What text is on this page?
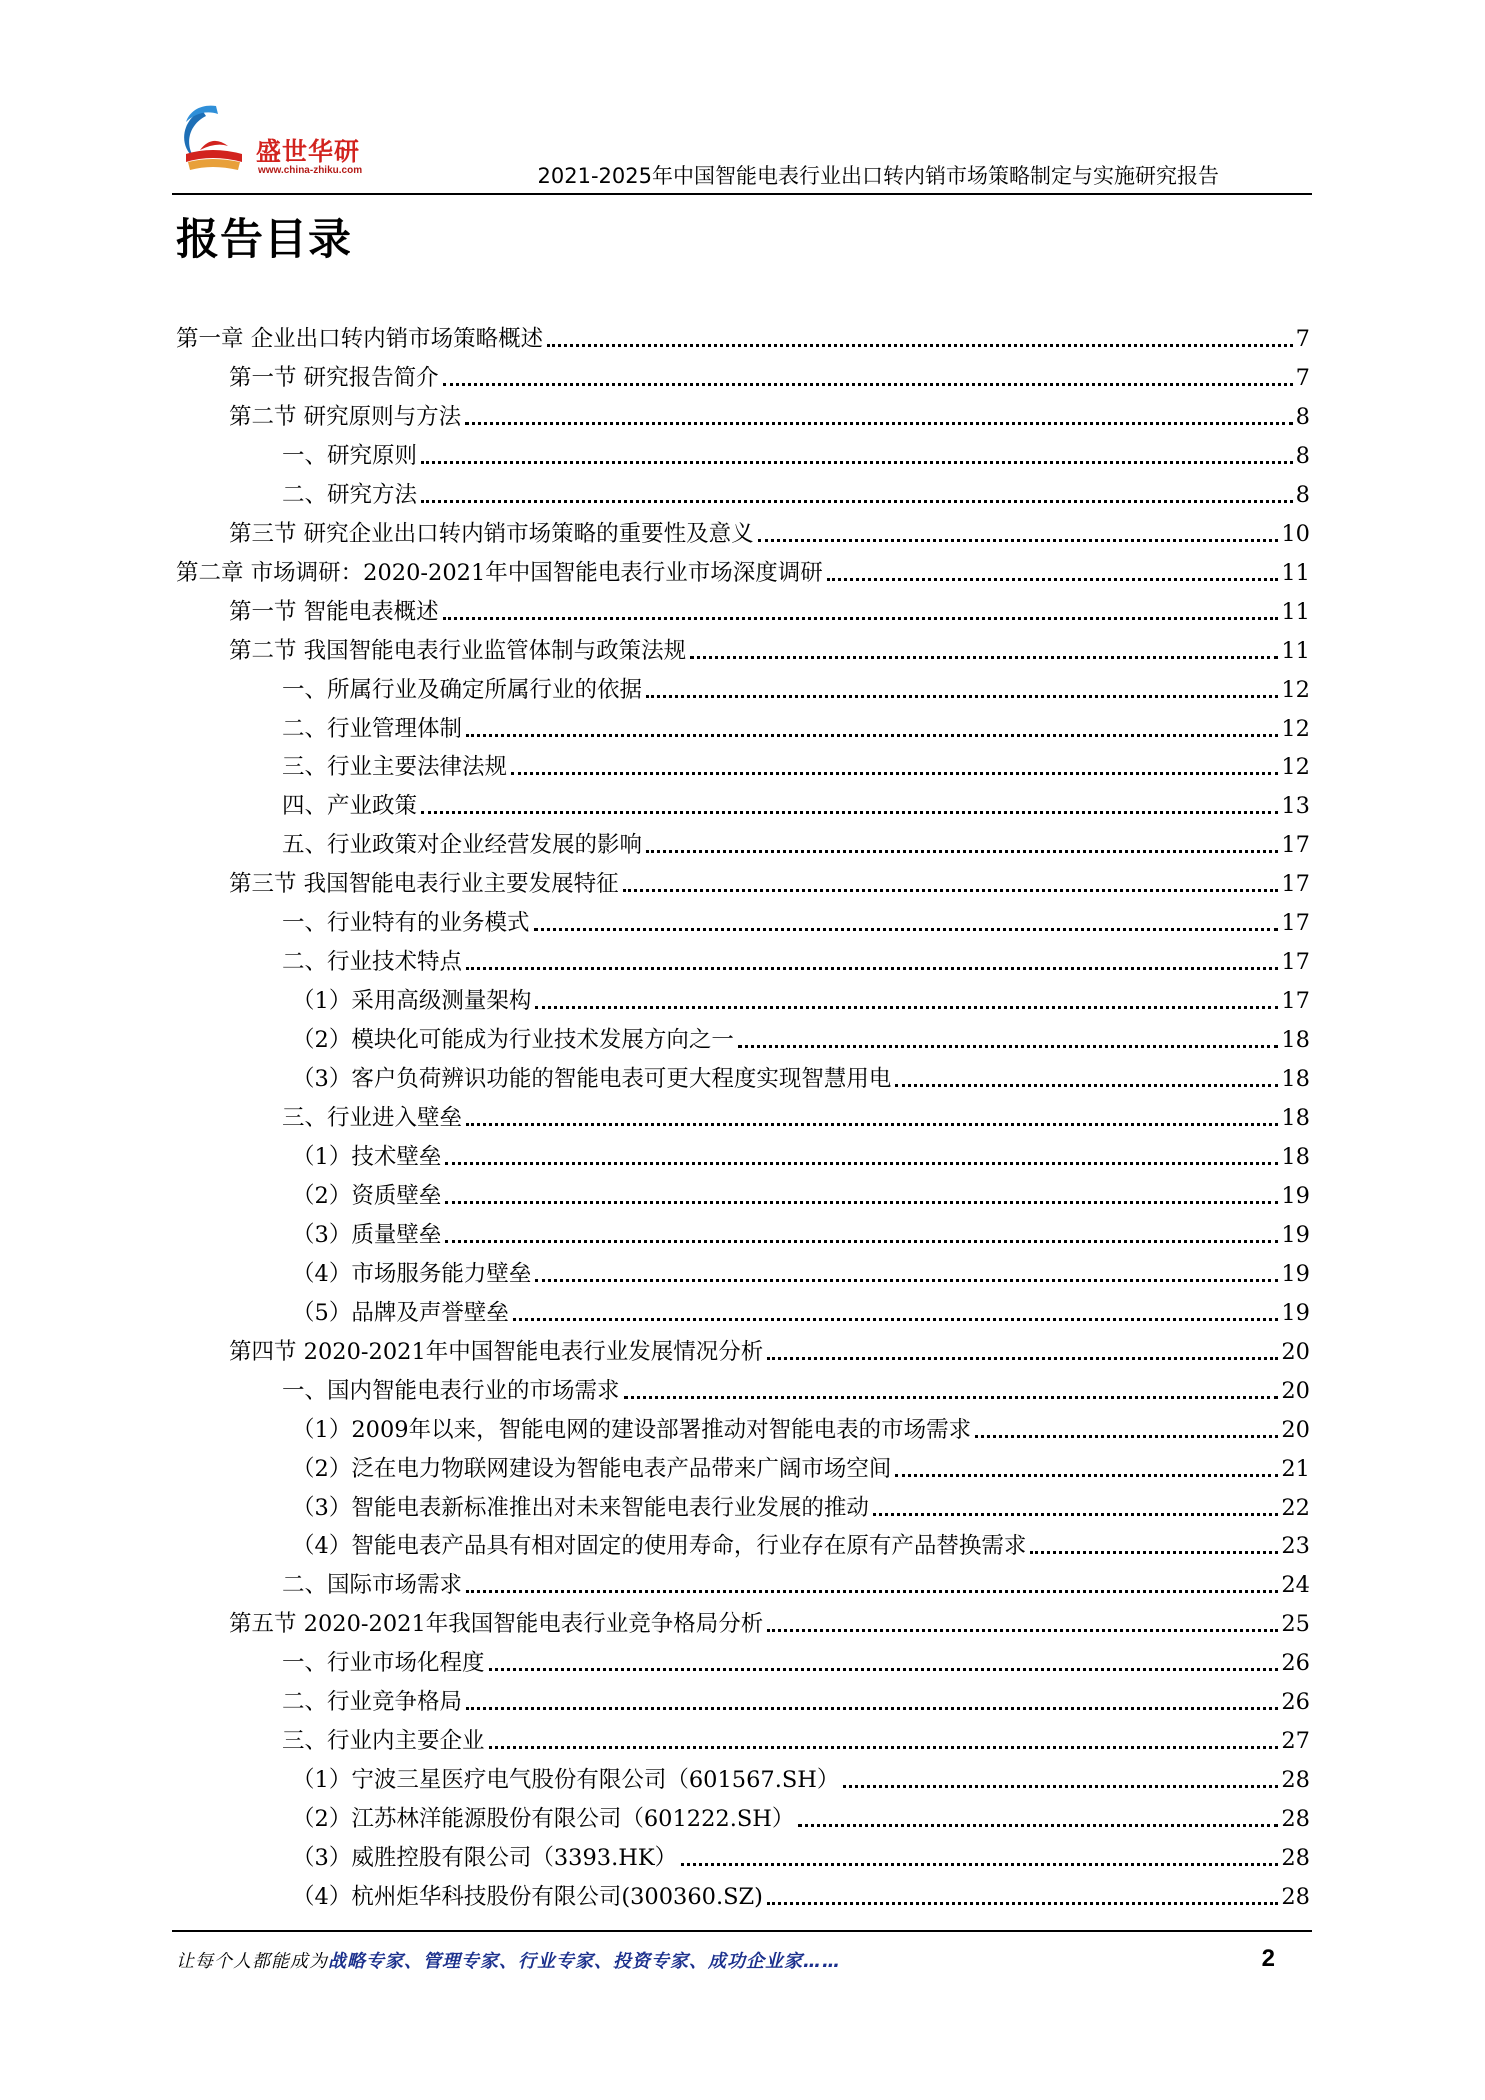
盛世华研
www.china-zhiku.com	2021-2025年中国智能电表行业出口转内销市场策略制定与实施研究报告
报告目录
第一章 企业出口转内销市场策略概述	7
第一节 研究报告简介	7
第二节 研究原则与方法	8
一、研究原则	8
二、研究方法	8
第三节 研究企业出口转内销市场策略的重要性及意义	10
第二章 市场调研：2020-2021年中国智能电表行业市场深度调研	11
第一节 智能电表概述	11
第二节 我国智能电表行业监管体制与政策法规	11
一、所属行业及确定所属行业的依据	12
二、行业管理体制	12
三、行业主要法律法规	12
四、产业政策	13
五、行业政策对企业经营发展的影响	17
第三节 我国智能电表行业主要发展特征	17
一、行业特有的业务模式	17
二、行业技术特点	17
（1）采用高级测量架构	17
（2）模块化可能成为行业技术发展方向之一	18
（3）客户负荷辨识功能的智能电表可更大程度实现智慧用电	18
三、行业进入壁垒	18
（1）技术壁垒	18
（2）资质壁垒	19
（3）质量壁垒	19
（4）市场服务能力壁垒	19
（5）品牌及声誉壁垒	19
第四节 2020-2021年中国智能电表行业发展情况分析	20
一、国内智能电表行业的市场需求	20
（1）2009年以来，智能电网的建设部署推动对智能电表的市场需求	20
（2）泛在电力物联网建设为智能电表产品带来广阔市场空间	21
（3）智能电表新标准推出对未来智能电表行业发展的推动	22
（4）智能电表产品具有相对固定的使用寿命，行业存在原有产品替换需求	23
二、国际市场需求	24
第五节 2020-2021年我国智能电表行业竞争格局分析	25
一、行业市场化程度	26
二、行业竞争格局	26
三、行业内主要企业	27
（1）宁波三星医疗电气股份有限公司（601567.SH）	28
（2）江苏林洋能源股份有限公司（601222.SH）	28
（3）威胜控股有限公司（3393.HK）	28
（4）杭州炬华科技股份有限公司(300360.SZ)	28
让每个人都能成为战略专家、管理专家、行业专家、投资专家、成功企业家……	2
